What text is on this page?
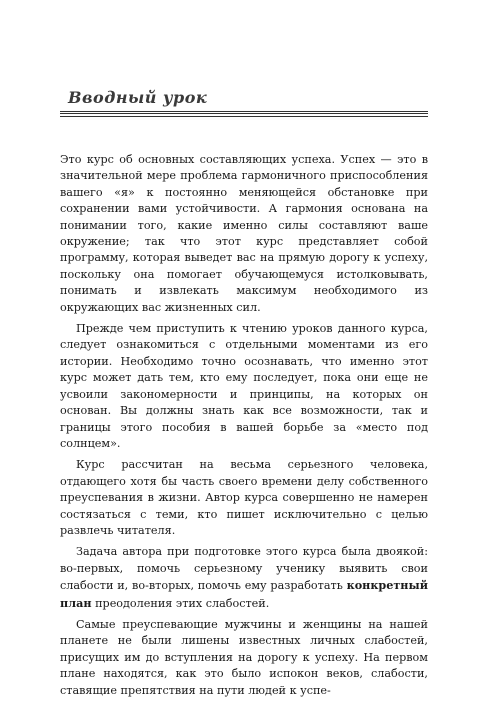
Вводный урок

Это курс об основных составляющих успеха. Успех — это в значительной мере проблема гармоничного приспособления вашего «я» к постоянно меняющейся обстановке при сохранении вами устойчивости. А гармония основана на понимании того, какие именно силы составляют ваше окружение; так что этот курс представляет собой программу, которая выведет вас на прямую дорогу к успеху, поскольку она помогает обучающемуся истолковывать, понимать и извлекать максимум необходимого из окружающих вас жизненных сил.

Прежде чем приступить к чтению уроков данного курса, следует ознакомиться с отдельными моментами из его истории. Необходимо точно осознавать, что именно этот курс может дать тем, кто ему последует, пока они еще не усвоили закономерности и принципы, на которых он основан. Вы должны знать как все возможности, так и границы этого пособия в вашей борьбе за «место под солнцем».

Курс рассчитан на весьма серьезного человека, отдающего хотя бы часть своего времени делу собственного преуспевания в жизни. Автор курса совершенно не намерен состязаться с теми, кто пишет исключительно с целью развлечь читателя.

Задача автора при подготовке этого курса была двоякой: во-первых, помочь серьезному ученику выявить свои слабости и, во-вторых, помочь ему разработать конкретный план преодоления этих слабостей.

Самые преуспевающие мужчины и женщины на нашей планете не были лишены известных личных слабостей, присущих им до вступления на дорогу к успеху. На первом плане находятся, как это было испокон веков, слабости, ставящие препятствия на пути людей к успе-
